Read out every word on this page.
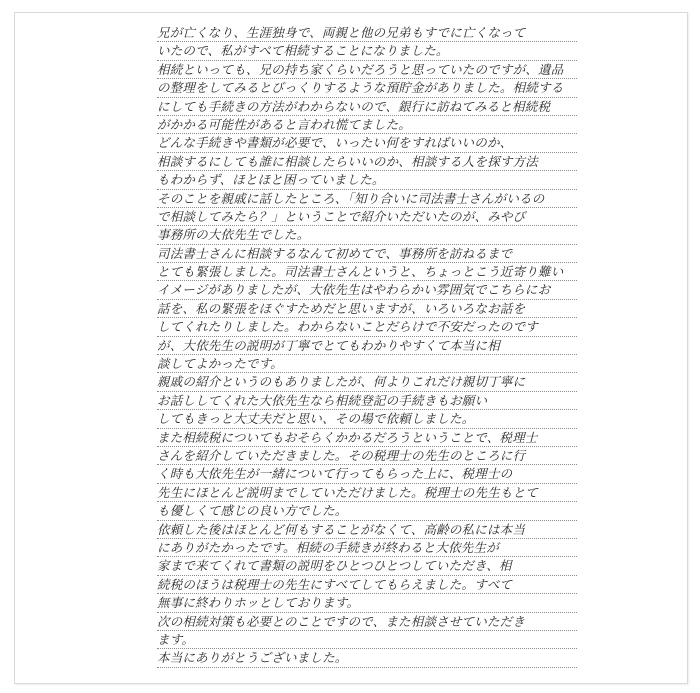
兄が亡くなり、生涯独身で、両親と他の兄弟もすでに亡くなって
いたので、私がすべて相続することになりました。
相続といっても、兄の持ち家くらいだろうと思っていたのですが、遺品
の整理をしてみるとびっくりするような預貯金がありました。相続する
にしても手続きの方法がわからないので、銀行に訪ねてみると相続税
がかかる可能性があると言われ慌てました。
どんな手続きや書類が必要で、いったい何をすればいいのか、
相談するにしても誰に相談したらいいのか、相談する人を探す方法
もわからず、ほとほと困っていました。
そのことを親戚に話したところ、「知り合いに司法書士さんがいるの
で相談してみたら？」ということで紹介いただいたのが、みやび
事務所の大依先生でした。
司法書士さんに相談するなんて初めてで、事務所を訪ねるまで
とても緊張しました。司法書士さんというと、ちょっとこう近寄り難い
イメージがありましたが、大依先生はやわらかい雰囲気でこちらにお
話を、私の緊張をほぐすためだと思いますが、いろいろなお話を
してくれたりしました。わからないことだらけで不安だったのです
が、大依先生の説明が丁寧でとてもわかりやすくて本当に相
談してよかったです。
親戚の紹介というのもありましたが、何よりこれだけ親切丁寧に
お話ししてくれた大依先生なら相続登記の手続きもお願い
してもきっと大丈夫だと思い、その場で依頼しました。
また相続税についてもおそらくかかるだろうということで、税理士
さんを紹介していただきました。その税理士の先生のところに行
く時も大依先生が一緒について行ってもらった上に、税理士の
先生にほとんど説明までしていただけました。税理士の先生もとて
も優しくて感じの良い方でした。
依頼した後はほとんど何もすることがなくて、高齢の私には本当
にありがたかったです。相続の手続きが終わると大依先生が
家まで来てくれて書類の説明をひとつひとつしていただき、相
続税のほうは税理士の先生にすべてしてもらえました。すべて
無事に終わりホッとしております。
次の相続対策も必要とのことですので、また相談させていただき
ます。
本当にありがとうございました。
